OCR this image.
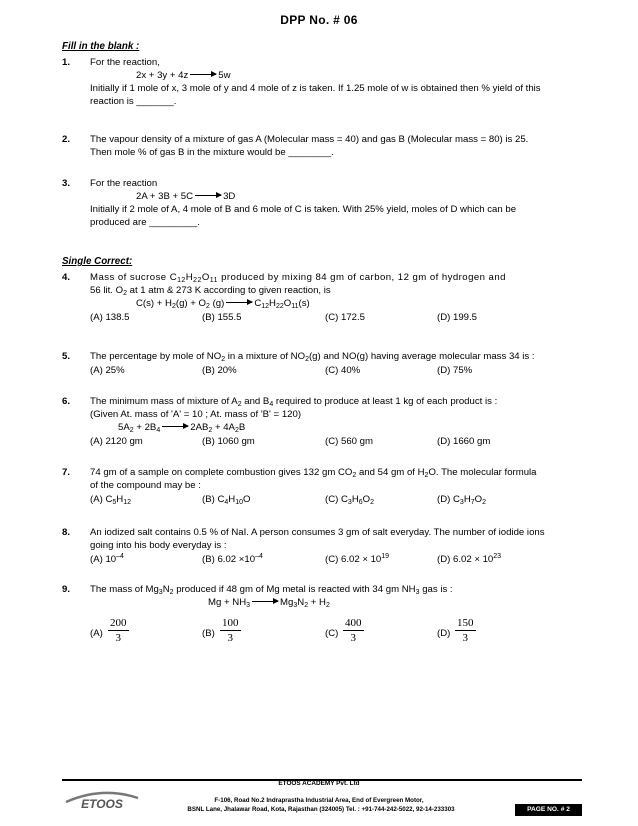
DPP No. # 06
Fill in the blank :
1. For the reaction,
2x + 3y + 4z → 5w
Initially if 1 mole of x, 3 mole of y and 4 mole of z is taken. If 1.25 mole of w is obtained then % yield of this
reaction is _______.
2. The vapour density of a mixture of gas A (Molecular mass = 40) and gas B (Molecular mass = 80) is 25.
Then mole % of gas B in the mixture would be ________.
3. For the reaction
2A + 3B + 5C → 3D
Initially if 2 mole of A, 4 mole of B and 6 mole of C is taken. With 25% yield, moles of D which can be
produced are _________.
Single Correct:
4. Mass of sucrose $C_{12}H_{22}O_{11}$ produced by mixing 84 gm of carbon, 12 gm of hydrogen and
56 lit. $O_2$ at 1 atm & 273 K according to given reaction, is
$C(s) + H_2(g) + O_2$ $(g) \to C_{12}H_{22}O_{11}(s)$
(A) 138.5	(B) 155.5	(C) 172.5	(D) 199.5
5. The percentage by mole of $NO_2$ in a mixture of $NO_2(g)$ and NO(g) having average molecular mass 34 is :
(A) 25%	(B) 20%	(C) 40%	(D) 75%
6. The minimum mass of mixture of $A_2$ and $B_4$ required to produce at least 1 kg of each product is :
(Given At. mass of 'A' = 10 ; At. mass of 'B' = 120)
$5A_2 + 2B_4 \to 2AB_2 + 4A_2B$
(A) 2120 gm	(B) 1060 gm	(C) 560 gm	(D) 1660 gm
7. 74 gm of a sample on complete combustion gives 132 gm $CO_2$ and 54 gm of $H_2O$. The molecular formula
of the compound may be :
(A) $C_5H_{12}$	(B) $C_4H_{10}O$	(C) $C_3H_6O_2$	(D) $C_3H_7O_2$
8. An iodized salt contains 0.5 % of NaI. A person consumes 3 gm of salt everyday. The number of iodide ions
going into his body everyday is :
(A) $10^{-4}$	(B) $6.02 \times 10^{-4}$	(C) $6.02 \times 10^{19}$	(D) $6.02 \times 10^{23}$
9. The mass of $Mg_3N_2$ produced if 48 gm of Mg metal is reacted with 34 gm $NH_3$ gas is :
$Mg + NH_3 \to Mg_3N_2 + H_2$
$(A) \frac{200}{3}$	$(B) \frac{100}{3}$	$(C) \frac{400}{3}$	$(D) \frac{150}{3}$
ETOOS
ETOOS ACADEMY Pvt. Ltd
F-106, Road No.2 Indraprastha Industrial Area, End of Evergreen Motor,
BSNL Lane, Jhalawar Road, Kota, Rajasthan (324005) Tel. : +91-744-242-5022, 92-14-233303	PAGE NO. # 2
